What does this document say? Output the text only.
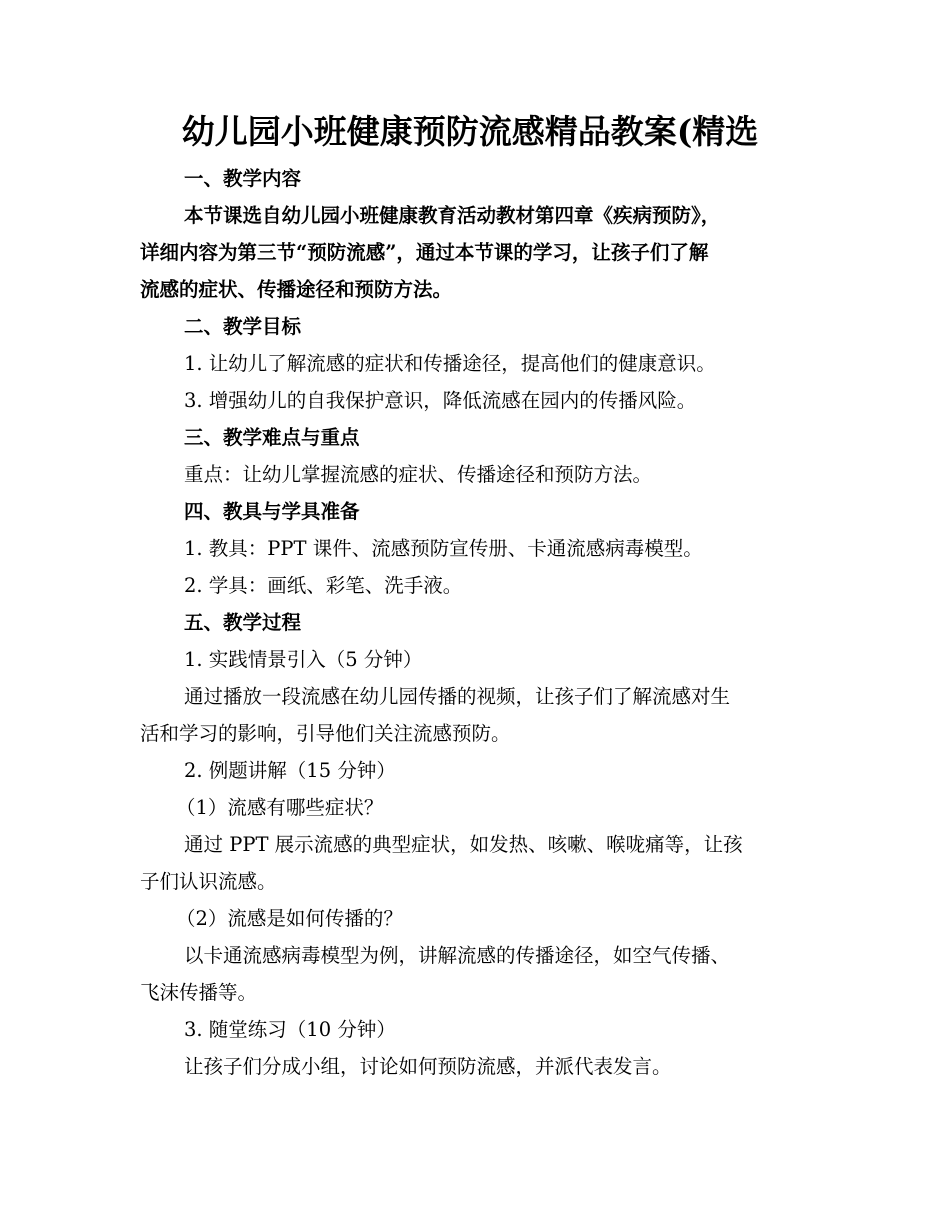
幼儿园小班健康预防流感精品教案(精选
一、教学内容
本节课选自幼儿园小班健康教育活动教材第四章《疾病预防》，
详细内容为第三节“预防流感”，通过本节课的学习，让孩子们了解
流感的症状、传播途径和预防方法。
二、教学目标
1. 让幼儿了解流感的症状和传播途径，提高他们的健康意识。
3. 增强幼儿的自我保护意识，降低流感在园内的传播风险。
三、教学难点与重点
重点：让幼儿掌握流感的症状、传播途径和预防方法。
四、教具与学具准备
1. 教具：PPT 课件、流感预防宣传册、卡通流感病毒模型。
2. 学具：画纸、彩笔、洗手液。
五、教学过程
1. 实践情景引入（5 分钟）
通过播放一段流感在幼儿园传播的视频，让孩子们了解流感对生
活和学习的影响，引导他们关注流感预防。
2. 例题讲解（15 分钟）
（1）流感有哪些症状？
通过 PPT 展示流感的典型症状，如发热、咳嗽、喉咙痛等，让孩
子们认识流感。
（2）流感是如何传播的？
以卡通流感病毒模型为例，讲解流感的传播途径，如空气传播、
飞沫传播等。
3. 随堂练习（10 分钟）
让孩子们分成小组，讨论如何预防流感，并派代表发言。
